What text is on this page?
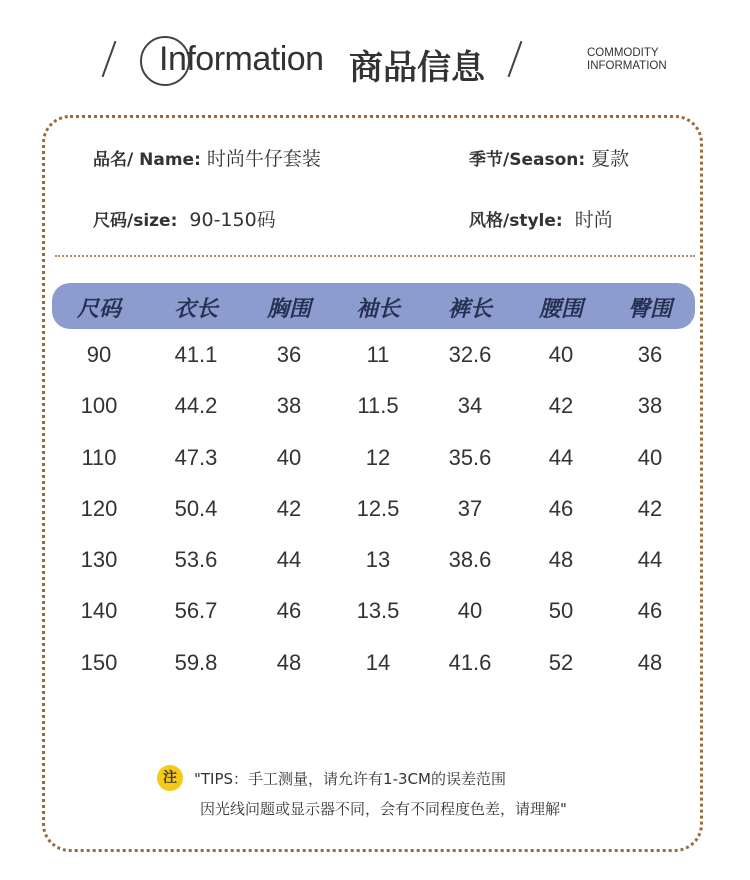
Information 商品信息	COMMODITY
INFORMATION
品名/ Name: 时尚牛仔套装	季节/Season: 夏款
尺码/size: 90-150码	风格/style: 时尚
尺码	衣长	胸围	袖长	裤长	腰围	臀围
90	41.1	36	11	32.6	40	36
100	44.2	38	11.5	34	42	38
110	47.3	40	12	35.6	44	40
120	50.4	42	12.5	37	46	42
130	53.6	44	13	38.6	48	44
140	56.7	46	13.5	40	50	46
150	59.8	48	14	41.6	52	48
注	"TIPS：手工测量，请允许有1-3CM的误差范围
因光线问题或显示器不同，会有不同程度色差，请理解"
